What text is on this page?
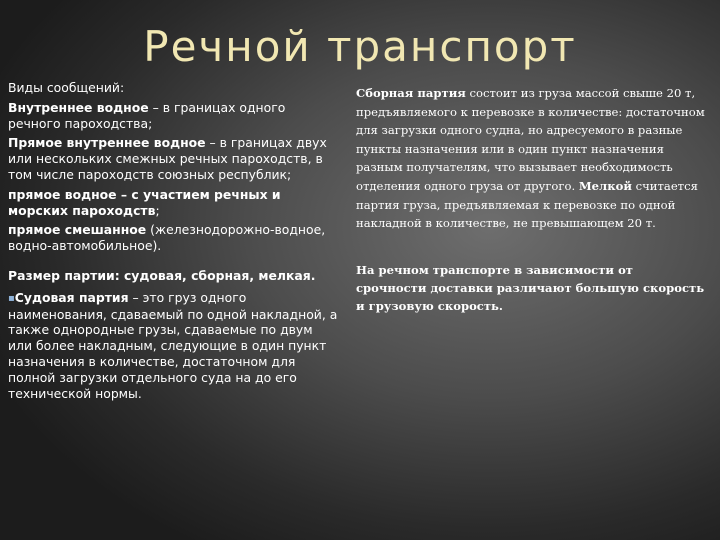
Речной транспорт

Виды сообщений:

Внутреннее водное – в границах одного речного пароходства;

Прямое внутреннее водное – в границах двух или нескольких смежных речных пароходств, в том числе пароходств союзных республик;

прямое водное – с участием речных и морских пароходств;

прямое смешанное (железнодорожно-водное, водно-автомобильное).

Размер партии: судовая, сборная, мелкая.

▪Судовая партия – это груз одного наименования, сдаваемый по одной накладной, а также однородные грузы, сдаваемые по двум или более накладным, следующие в один пункт назначения в количестве, достаточном для полной загрузки отдельного суда на до его технической нормы.

Сборная партия состоит из груза массой свыше 20 т, предъявляемого к перевозке в количестве: достаточном для загрузки одного судна, но адресуемого в разные пункты назначения или в один пункт назначения разным получателям, что вызывает необходимость отделения одного груза от другого. Мелкой считается партия груза, предъявляемая к перевозке по одной накладной в количестве, не превышающем 20 т.

На речном транспорте в зависимости от срочности доставки различают большую скорость и грузовую скорость.
